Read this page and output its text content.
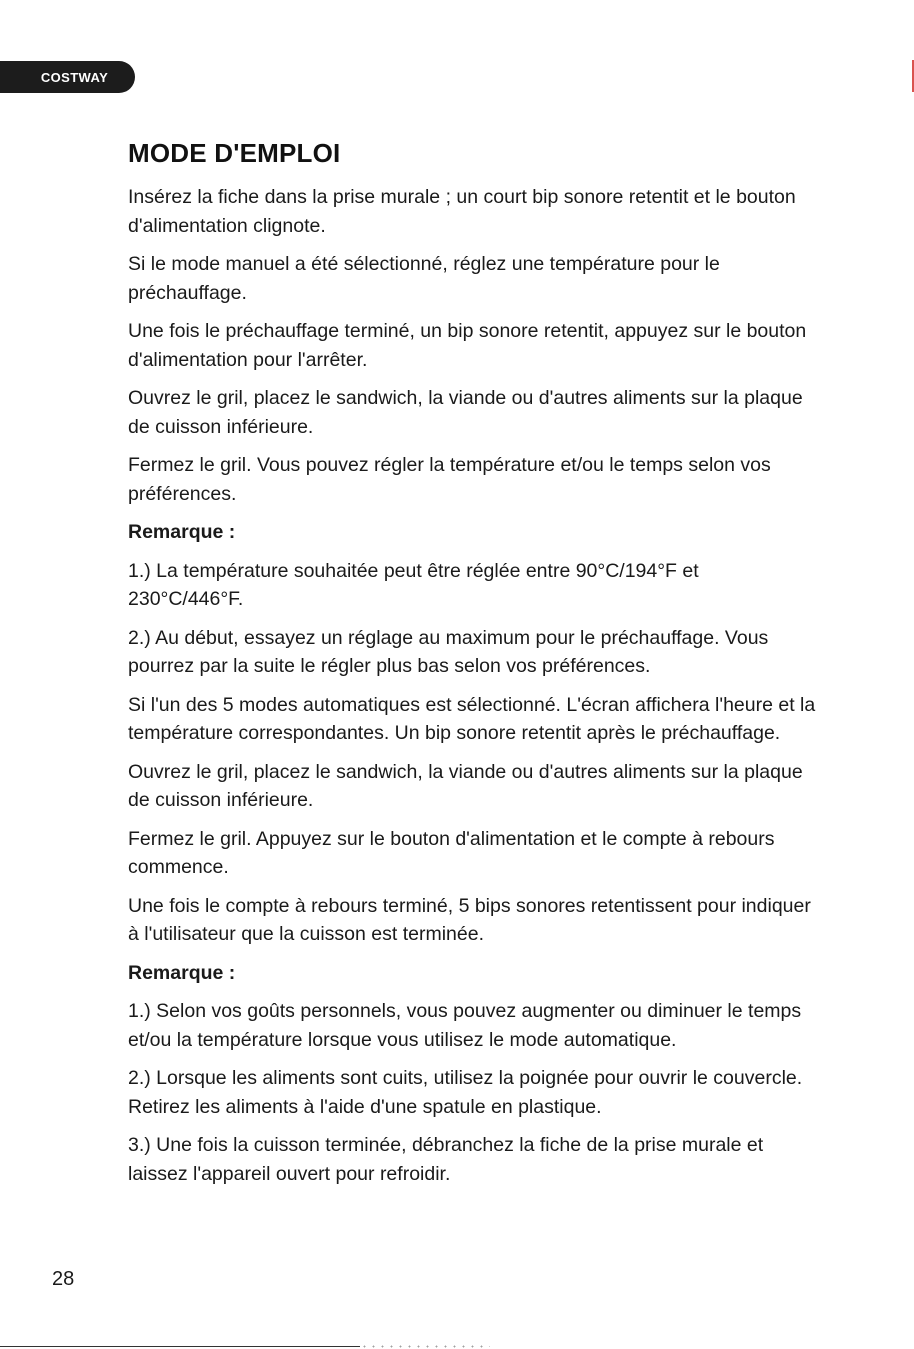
COSTWAY
MODE D'EMPLOI

Insérez la fiche dans la prise murale ; un court bip sonore retentit et le bouton d'alimentation clignote.

Si le mode manuel a été sélectionné, réglez une température pour le préchauffage.

Une fois le préchauffage terminé, un bip sonore retentit, appuyez sur le bouton d'alimentation pour l'arrêter.

Ouvrez le gril, placez le sandwich, la viande ou d'autres aliments sur la plaque de cuisson inférieure.

Fermez le gril. Vous pouvez régler la température et/ou le temps selon vos préférences.

Remarque :

1.) La température souhaitée peut être réglée entre 90°C/194°F et 230°C/446°F.

2.) Au début, essayez un réglage au maximum pour le préchauffage. Vous pourrez par la suite le régler plus bas selon vos préférences.

Si l'un des 5 modes automatiques est sélectionné. L'écran affichera l'heure et la température correspondantes. Un bip sonore retentit après le préchauffage.

Ouvrez le gril, placez le sandwich, la viande ou d'autres aliments sur la plaque de cuisson inférieure.

Fermez le gril. Appuyez sur le bouton d'alimentation et le compte à rebours commence.

Une fois le compte à rebours terminé, 5 bips sonores retentissent pour indiquer à l'utilisateur que la cuisson est terminée.

Remarque :

1.) Selon vos goûts personnels, vous pouvez augmenter ou diminuer le temps et/ou la température lorsque vous utilisez le mode automatique.

2.) Lorsque les aliments sont cuits, utilisez la poignée pour ouvrir le couvercle. Retirez les aliments à l'aide d'une spatule en plastique.

3.) Une fois la cuisson terminée, débranchez la fiche de la prise murale et laissez l'appareil ouvert pour refroidir.

28
